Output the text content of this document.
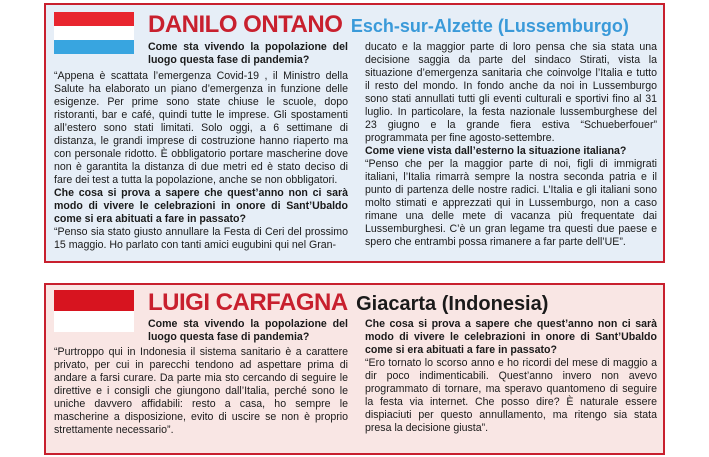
DANILO ONTANO Esch-sur-Alzette (Lussemburgo)
Come sta vivendo la popolazione del luogo questa fase di pandemia?

“Appena è scattata l’emergenza Covid-19 , il Ministro della Salute ha elaborato un piano d’emergenza in funzione delle esigenze. Per prime sono state chiuse le scuole, dopo ristoranti, bar e café, quindi tutte le imprese. Gli spostamenti all’estero sono stati limitati. Solo oggi, a 6 settimane di distanza, le grandi imprese di costruzione hanno riaperto ma con personale ridotto. È obbligatorio portare mascherine dove non è garantita la distanza di due metri ed è stato deciso di fare dei test a tutta la popolazione, anche se non obbligatori.

Che cosa si prova a sapere che quest’anno non ci sarà modo di vivere le celebrazioni in onore di Sant’Ubaldo come si era abituati a fare in passato?

“Penso sia stato giusto annullare la Festa di Ceri del prossimo 15 maggio. Ho parlato con tanti amici eugubini qui nel Gran-

ducato e la maggior parte di loro pensa che sia stata una decisione saggia da parte del sindaco Stirati, vista la situazione d’emergenza sanitaria che coinvolge l’Italia e tutto il resto del mondo. In fondo anche da noi in Lussemburgo sono stati annullati tutti gli eventi culturali e sportivi fino al 31 luglio. In particolare, la festa nazionale lussemburghese del 23 giugno e la grande fiera estiva “Schueberfouer” programmata per fine agosto-settembre.

Come viene vista dall’esterno la situazione italiana?

“Penso che per la maggior parte di noi, figli di immigrati italiani, l’Italia rimarrà sempre la nostra seconda patria e il punto di partenza delle nostre radici. L’Italia e gli italiani sono molto stimati e apprezzati qui in Lussemburgo, non a caso rimane una delle mete di vacanza più frequentate dai Lussemburghesi. C’è un gran legame tra questi due paese e spero che entrambi possa rimanere a far parte dell’UE”.

LUIGI CARFAGNA Giacarta (Indonesia)
Come sta vivendo la popolazione del luogo questa fase di pandemia?

“Purtroppo qui in Indonesia il sistema sanitario è a carattere privato, per cui in parecchi tendono ad aspettare prima di andare a farsi curare. Da parte mia sto cercando di seguire le direttive e i consigli che giungono dall’Italia, perché sono le uniche davvero affidabili: resto a casa, ho sempre le mascherine a disposizione, evito di uscire se non è proprio strettamente necessario”.

Che cosa si prova a sapere che quest’anno non ci sarà modo di vivere le celebrazioni in onore di Sant’Ubaldo come si era abituati a fare in passato?

“Ero tornato lo scorso anno e ho ricordi del mese di maggio a dir poco indimenticabili. Quest’anno invero non avevo programmato di tornare, ma speravo quantomeno di seguire la festa via internet. Che posso dire? È naturale essere dispiaciuti per questo annullamento, ma ritengo sia stata presa la decisione giusta”.
